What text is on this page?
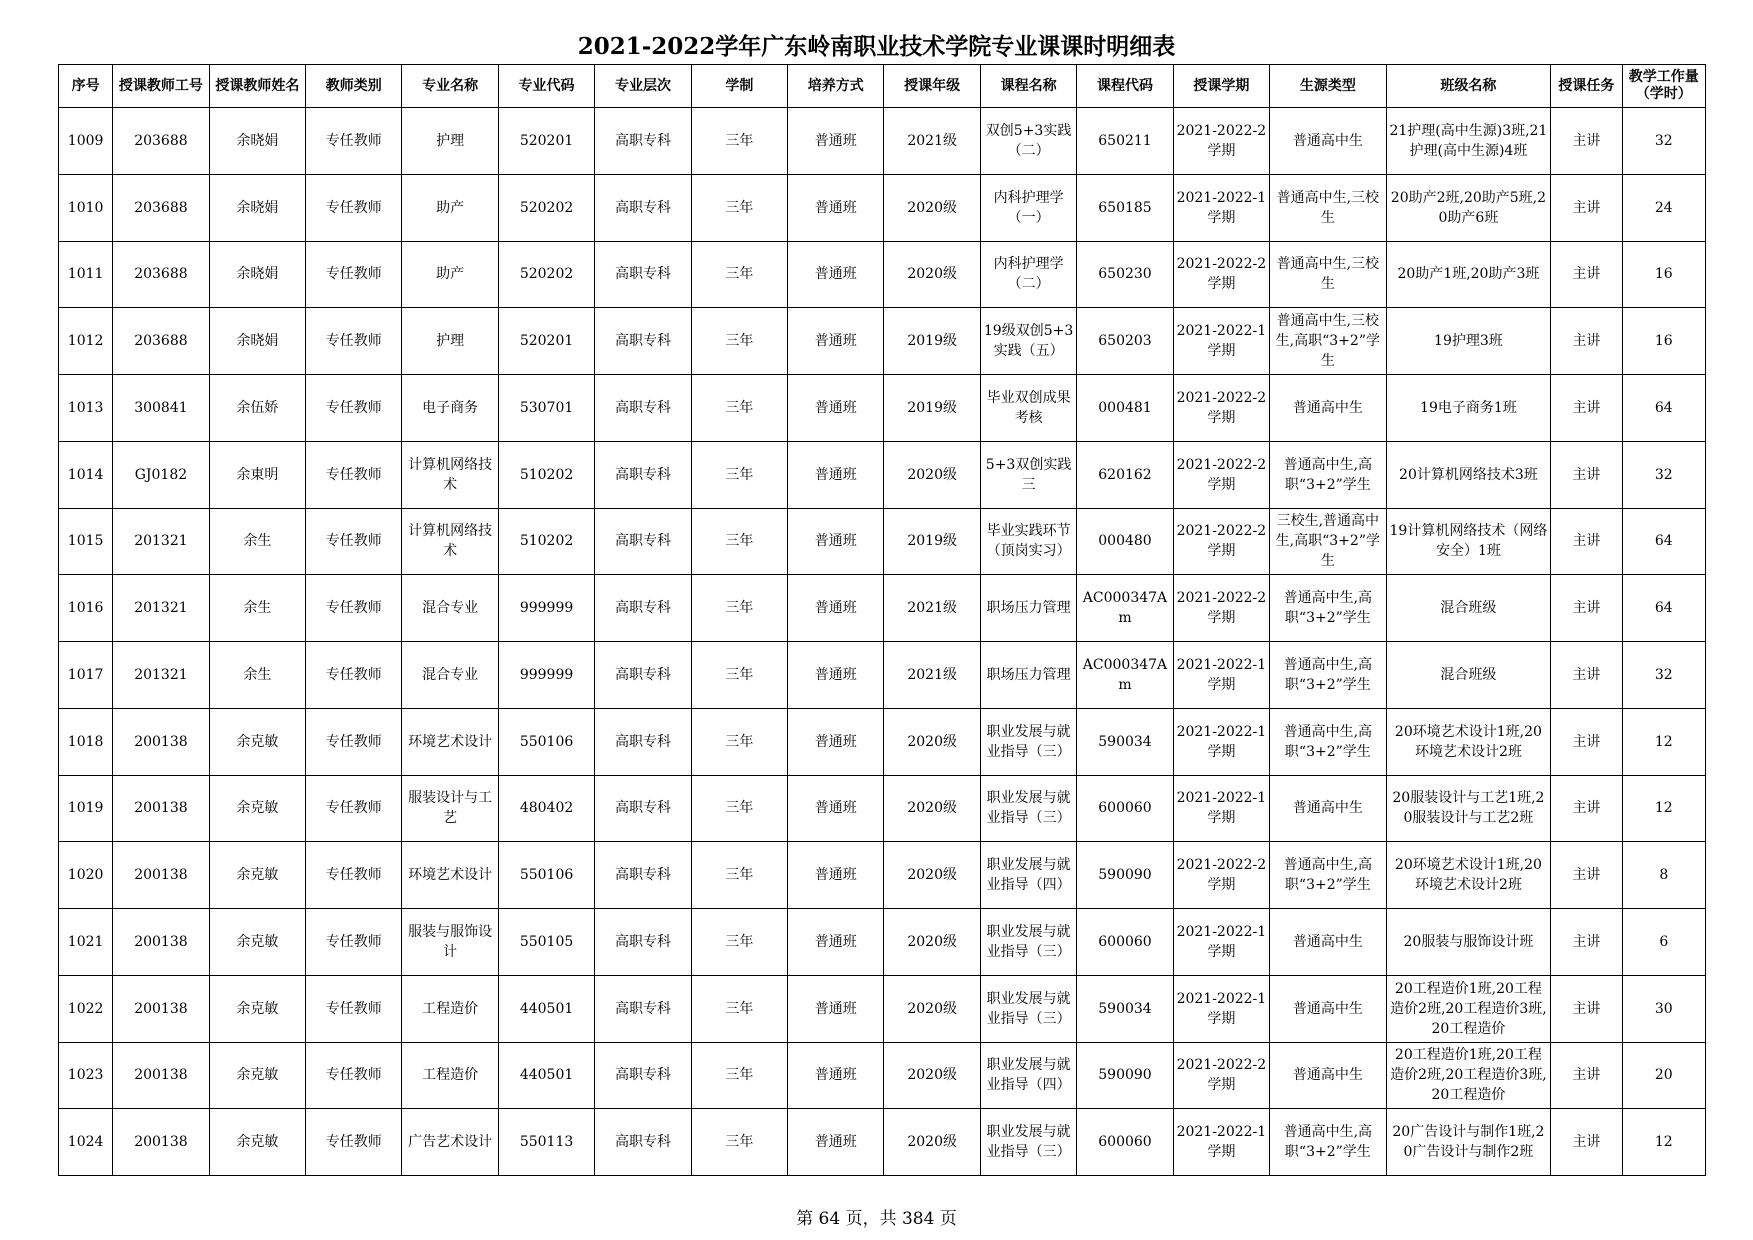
2021-2022学年广东岭南职业技术学院专业课课时明细表
序号	授课教师工号	授课教师姓名	教师类别	专业名称	专业代码	专业层次	学制	培养方式	授课年级	课程名称	课程代码	授课学期	生源类型	班级名称	授课任务	教学工作量（学时）
1009	203688	余晓娟	专任教师	护理	520201	高职专科	三年	普通班	2021级	双创5+3实践（二）	650211	2021-2022-2学期	普通高中生	21护理(高中生源)3班,21护理(高中生源)4班	主讲	32
1010	203688	余晓娟	专任教师	助产	520202	高职专科	三年	普通班	2020级	内科护理学（一）	650185	2021-2022-1学期	普通高中生,三校生	20助产2班,20助产5班,20助产6班	主讲	24
1011	203688	余晓娟	专任教师	助产	520202	高职专科	三年	普通班	2020级	内科护理学（二）	650230	2021-2022-2学期	普通高中生,三校生	20助产1班,20助产3班	主讲	16
1012	203688	余晓娟	专任教师	护理	520201	高职专科	三年	普通班	2019级	19级双创5+3实践（五）	650203	2021-2022-1学期	普通高中生,三校生,高职“3+2”学生	19护理3班	主讲	16
1013	300841	余伍娇	专任教师	电子商务	530701	高职专科	三年	普通班	2019级	毕业双创成果考核	000481	2021-2022-2学期	普通高中生	19电子商务1班	主讲	64
1014	GJ0182	余東明	专任教师	计算机网络技术	510202	高职专科	三年	普通班	2020级	5+3双创实践三	620162	2021-2022-2学期	普通高中生,高职“3+2”学生	20计算机网络技术3班	主讲	32
1015	201321	余生	专任教师	计算机网络技术	510202	高职专科	三年	普通班	2019级	毕业实践环节（顶岗实习）	000480	2021-2022-2学期	三校生,普通高中生,高职“3+2”学生	19计算机网络技术（网络安全）1班	主讲	64
1016	201321	余生	专任教师	混合专业	999999	高职专科	三年	普通班	2021级	职场压力管理	AC000347Am	2021-2022-2学期	普通高中生,高职“3+2”学生	混合班级	主讲	64
1017	201321	余生	专任教师	混合专业	999999	高职专科	三年	普通班	2021级	职场压力管理	AC000347Am	2021-2022-1学期	普通高中生,高职“3+2”学生	混合班级	主讲	32
1018	200138	余克敏	专任教师	环境艺术设计	550106	高职专科	三年	普通班	2020级	职业发展与就业指导（三）	590034	2021-2022-1学期	普通高中生,高职“3+2”学生	20环境艺术设计1班,20环境艺术设计2班	主讲	12
1019	200138	余克敏	专任教师	服装设计与工艺	480402	高职专科	三年	普通班	2020级	职业发展与就业指导（三）	600060	2021-2022-1学期	普通高中生	20服装设计与工艺1班,20服装设计与工艺2班	主讲	12
1020	200138	余克敏	专任教师	环境艺术设计	550106	高职专科	三年	普通班	2020级	职业发展与就业指导（四）	590090	2021-2022-2学期	普通高中生,高职“3+2”学生	20环境艺术设计1班,20环境艺术设计2班	主讲	8
1021	200138	余克敏	专任教师	服装与服饰设计	550105	高职专科	三年	普通班	2020级	职业发展与就业指导（三）	600060	2021-2022-1学期	普通高中生	20服装与服饰设计班	主讲	6
1022	200138	余克敏	专任教师	工程造价	440501	高职专科	三年	普通班	2020级	职业发展与就业指导（三）	590034	2021-2022-1学期	普通高中生	20工程造价1班,20工程造价2班,20工程造价3班,20工程造价	主讲	30
1023	200138	余克敏	专任教师	工程造价	440501	高职专科	三年	普通班	2020级	职业发展与就业指导（四）	590090	2021-2022-2学期	普通高中生	20工程造价1班,20工程造价2班,20工程造价3班,20工程造价	主讲	20
1024	200138	余克敏	专任教师	广告艺术设计	550113	高职专科	三年	普通班	2020级	职业发展与就业指导（三）	600060	2021-2022-1学期	普通高中生,高职“3+2”学生	20广告设计与制作1班,20广告设计与制作2班	主讲	12
第 64 页，共 384 页
